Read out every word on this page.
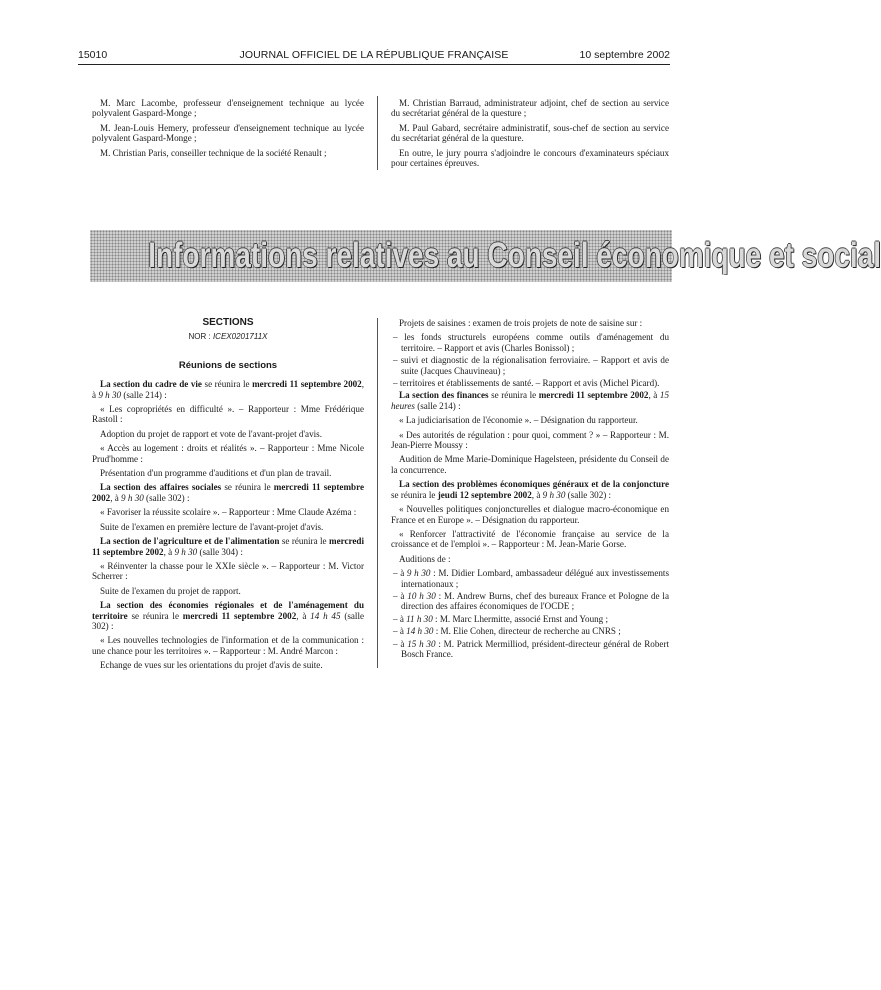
15010	JOURNAL OFFICIEL DE LA RÉPUBLIQUE FRANÇAISE	10 septembre 2002

M. Marc Lacombe, professeur d'enseignement technique au lycée polyvalent Gaspard-Monge ;

M. Jean-Louis Hemery, professeur d'enseignement technique au lycée polyvalent Gaspard-Monge ;

M. Christian Paris, conseiller technique de la société Renault ;

M. Christian Barraud, administrateur adjoint, chef de section au service du secrétariat général de la questure ;

M. Paul Gabard, secrétaire administratif, sous-chef de section au service du secrétariat général de la questure.

En outre, le jury pourra s'adjoindre le concours d'examinateurs spéciaux pour certaines épreuves.

Informations relatives au Conseil économique et social
SECTIONS
NOR : ICEX0201711X
Réunions de sections

La section du cadre de vie se réunira le mercredi 11 septembre 2002, à 9 h 30 (salle 214) :

« Les copropriétés en difficulté ». – Rapporteur : Mme Frédérique Rastoll :

Adoption du projet de rapport et vote de l'avant-projet d'avis.

« Accès au logement : droits et réalités ». – Rapporteur : Mme Nicole Prud'homme :

Présentation d'un programme d'auditions et d'un plan de travail.

La section des affaires sociales se réunira le mercredi 11 septembre 2002, à 9 h 30 (salle 302) :

« Favoriser la réussite scolaire ». – Rapporteur : Mme Claude Azéma :

Suite de l'examen en première lecture de l'avant-projet d'avis.

La section de l'agriculture et de l'alimentation se réunira le mercredi 11 septembre 2002, à 9 h 30 (salle 304) :

« Réinventer la chasse pour le XXIe siècle ». – Rapporteur : M. Victor Scherrer :

Suite de l'examen du projet de rapport.

La section des économies régionales et de l'aménagement du territoire se réunira le mercredi 11 septembre 2002, à 14 h 45 (salle 302) :

« Les nouvelles technologies de l'information et de la communication : une chance pour les territoires ». – Rapporteur : M. André Marcon :

Echange de vues sur les orientations du projet d'avis de suite.

Projets de saisines : examen de trois projets de note de saisine sur :

– les fonds structurels européens comme outils d'aménagement du territoire. – Rapport et avis (Charles Bonissol) ;

– suivi et diagnostic de la régionalisation ferroviaire. – Rapport et avis de suite (Jacques Chauvineau) ;

– territoires et établissements de santé. – Rapport et avis (Michel Picard).

La section des finances se réunira le mercredi 11 septembre 2002, à 15 heures (salle 214) :

« La judiciarisation de l'économie ». – Désignation du rapporteur.

« Des autorités de régulation : pour quoi, comment ? » – Rapporteur : M. Jean-Pierre Moussy :

Audition de Mme Marie-Dominique Hagelsteen, présidente du Conseil de la concurrence.

La section des problèmes économiques généraux et de la conjoncture se réunira le jeudi 12 septembre 2002, à 9 h 30 (salle 302) :

« Nouvelles politiques conjoncturelles et dialogue macro-économique en France et en Europe ». – Désignation du rapporteur.

« Renforcer l'attractivité de l'économie française au service de la croissance et de l'emploi ». – Rapporteur : M. Jean-Marie Gorse.

Auditions de :

– à 9 h 30 : M. Didier Lombard, ambassadeur délégué aux investissements internationaux ;

– à 10 h 30 : M. Andrew Burns, chef des bureaux France et Pologne de la direction des affaires économiques de l'OCDE ;

– à 11 h 30 : M. Marc Lhermitte, associé Ernst and Young ;

– à 14 h 30 : M. Elie Cohen, directeur de recherche au CNRS ;

– à 15 h 30 : M. Patrick Mermilliod, président-directeur général de Robert Bosch France.
